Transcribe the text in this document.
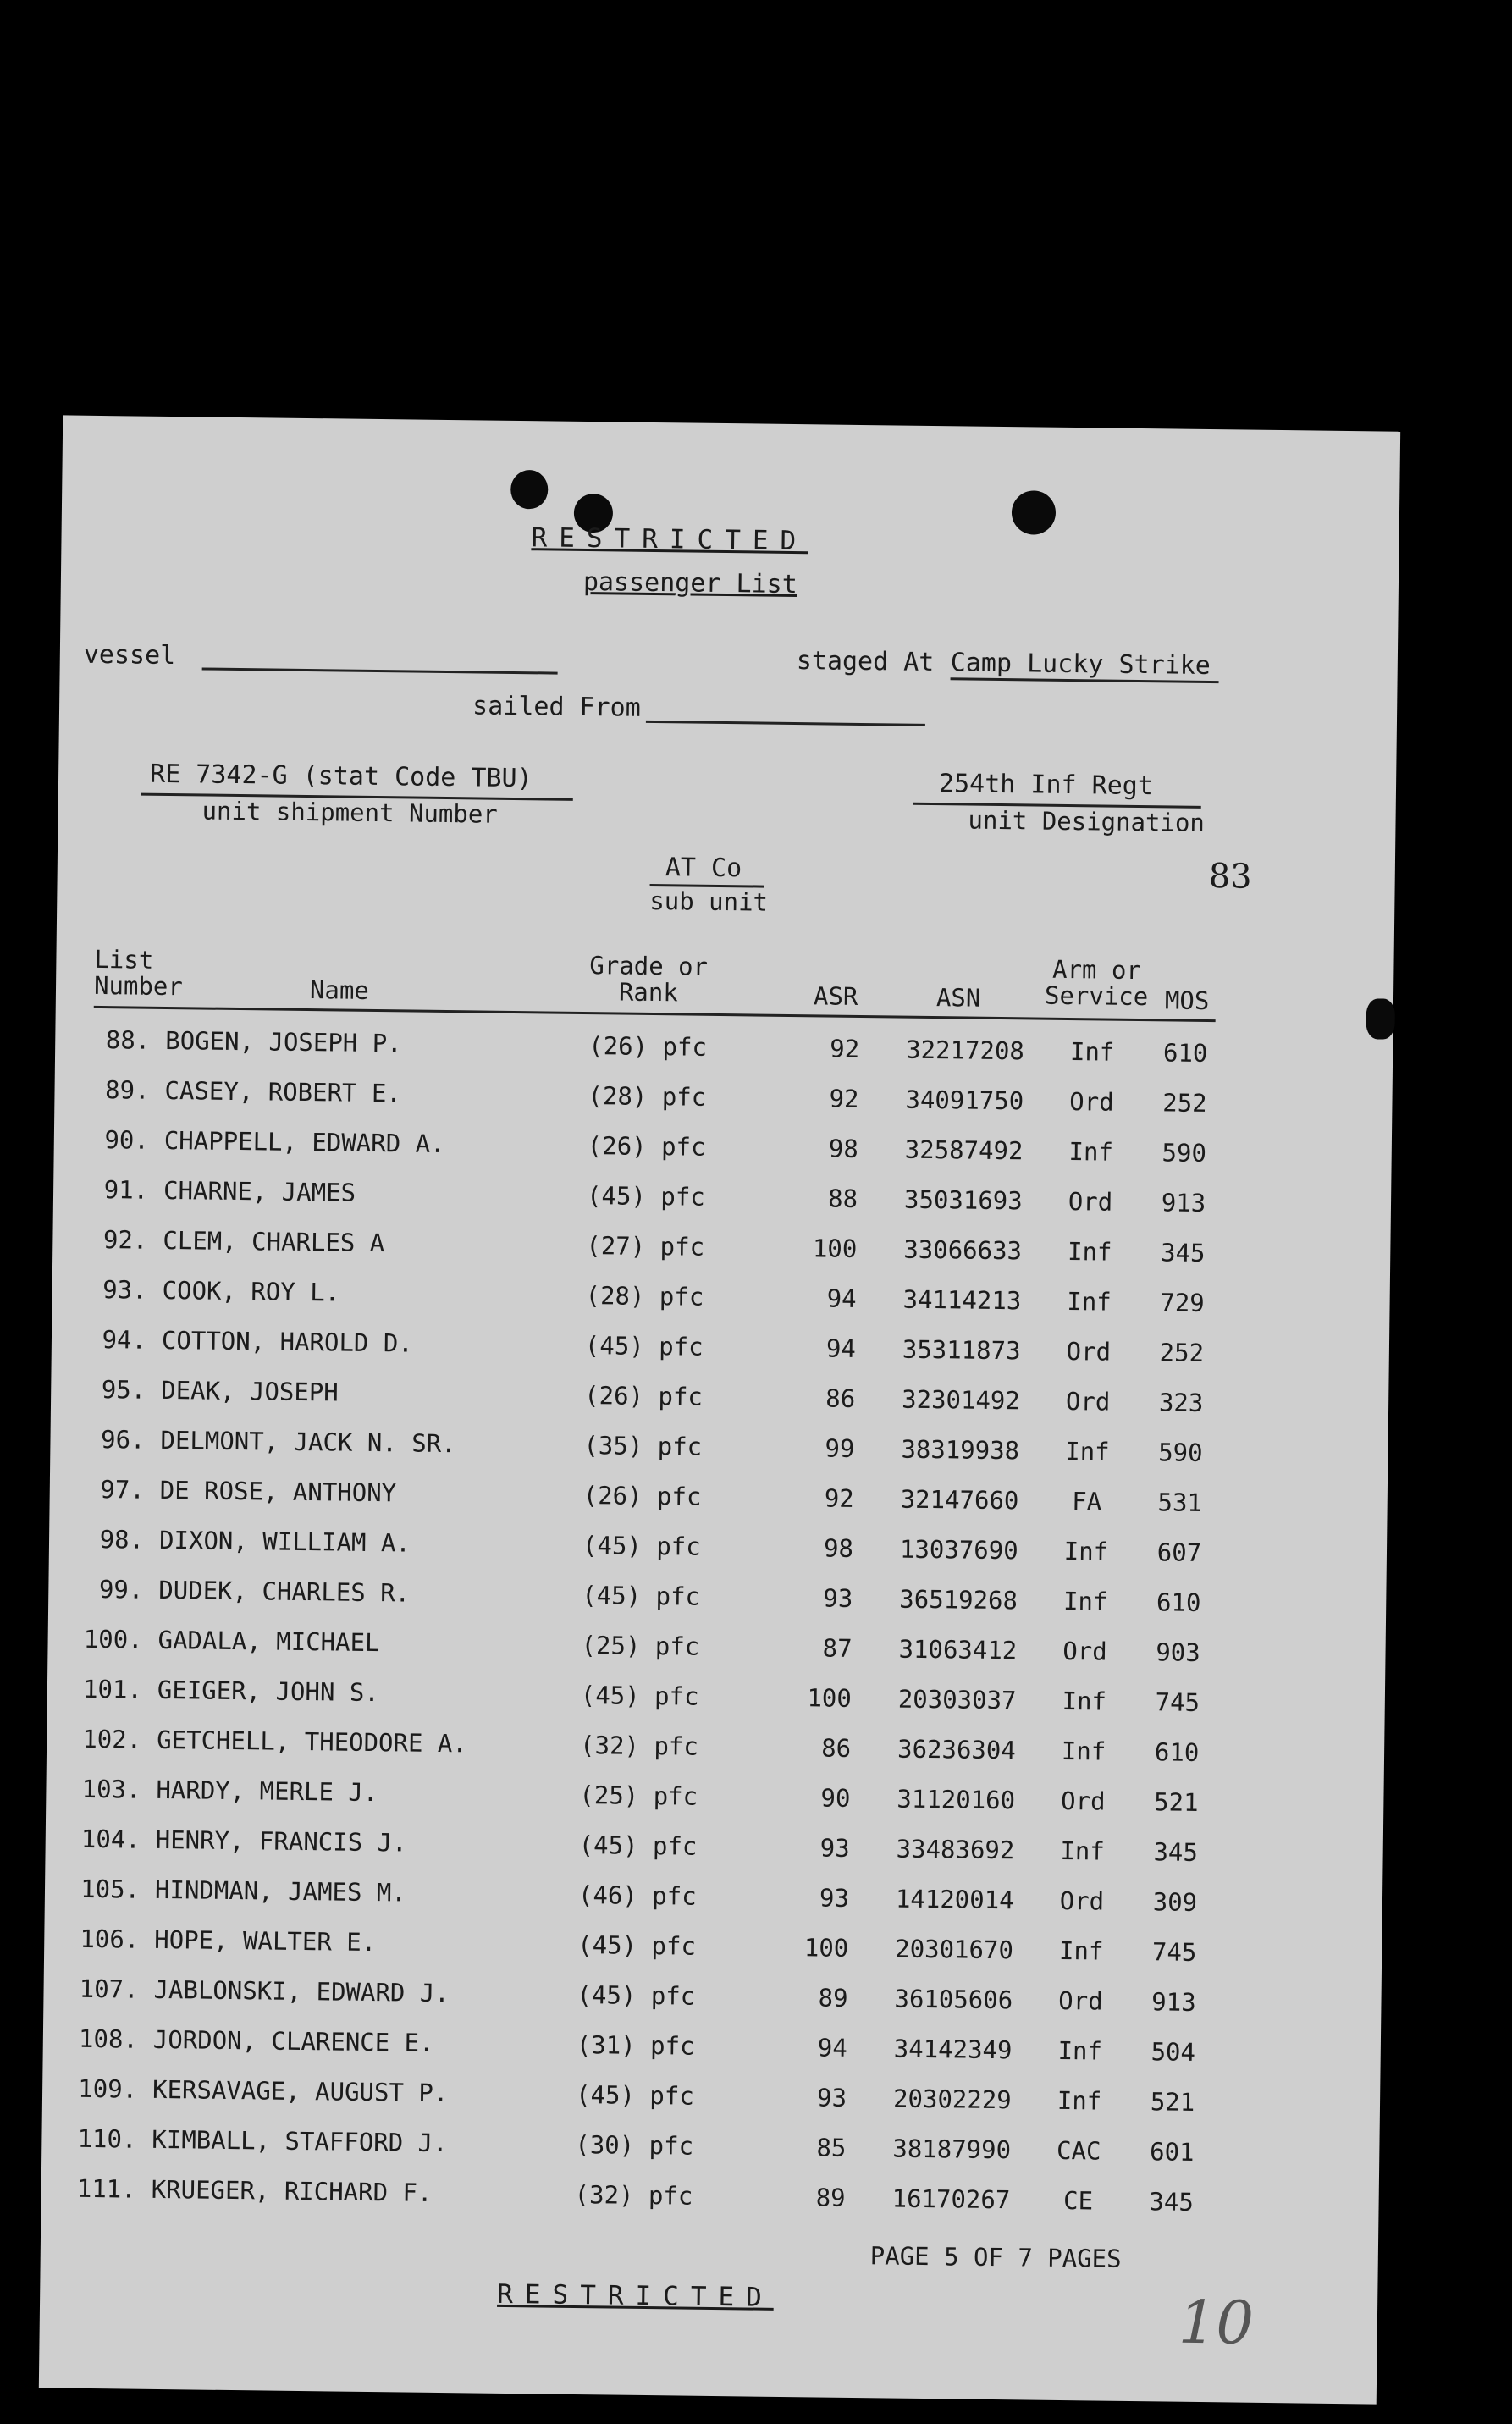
RESTRICTED
passenger List
vessel	staged At Camp Lucky Strike
sailed From
RE 7342-G (stat Code TBU)
unit shipment Number
254th Inf Regt
unit Designation
AT Co
sub unit
83
List
Number	Name
Grade or
Rank	ASR	ASN
Arm or
Service MOS
88. BOGEN, JOSEPH P.	(26) pfc	92 32217208	Inf	610
89. CASEY, ROBERT E.	(28) pfc	92 34091750	Ord	252
90. CHAPPELL, EDWARD A.	(26) pfc	98 32587492	Inf	590
91. CHARNE, JAMES	(45) pfc	88 35031693	Ord	913
92. CLEM, CHARLES A	(27) pfc	100 33066633	Inf	345
93. COOK, ROY L.	(28) pfc	94 34114213	Inf	729
94. COTTON, HAROLD D.	(45) pfc	94 35311873	Ord	252
95. DEAK, JOSEPH	(26) pfc	86 32301492	Ord	323
96. DELMONT, JACK N. SR.	(35) pfc	99 38319938	Inf	590
97. DE ROSE, ANTHONY	(26) pfc	92 32147660	FA	531
98. DIXON, WILLIAM A.	(45) pfc	98 13037690	Inf	607
99. DUDEK, CHARLES R.	(45) pfc	93 36519268	Inf	610
100. GADALA, MICHAEL	(25) pfc	87 31063412	Ord	903
101. GEIGER, JOHN S.	(45) pfc	100 20303037	Inf	745
102. GETCHELL, THEODORE A.	(32) pfc	86 36236304	Inf	610
103. HARDY, MERLE J.	(25) pfc	90 31120160	Ord	521
104. HENRY, FRANCIS J.	(45) pfc	93 33483692	Inf	345
105. HINDMAN, JAMES M.	(46) pfc	93 14120014	Ord	309
106. HOPE, WALTER E.	(45) pfc	100 20301670	Inf	745
107. JABLONSKI, EDWARD J.	(45) pfc	89 36105606	Ord	913
108. JORDON, CLARENCE E.	(31) pfc	94 34142349	Inf	504
109. KERSAVAGE, AUGUST P.	(45) pfc	93 20302229	Inf	521
110. KIMBALL, STAFFORD J.	(30) pfc	85 38187990	CAC	601
111. KRUEGER, RICHARD F.	(32) pfc	89 16170267	CE	345
PAGE 5 OF 7 PAGES
RESTRICTED	10
